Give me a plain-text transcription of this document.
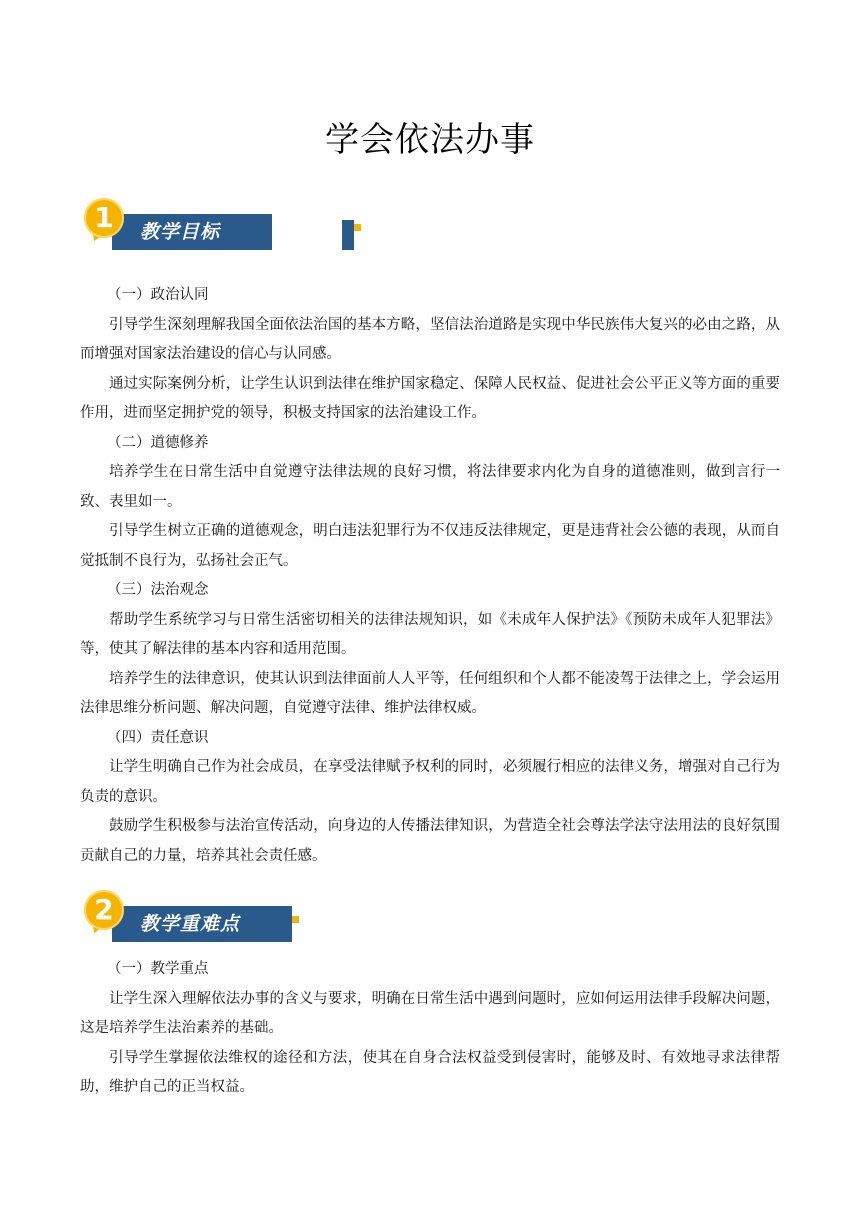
学会依法办事
教学目标
1

（一）政治认同

引导学生深刻理解我国全面依法治国的基本方略，坚信法治道路是实现中华民族伟大复兴的必由之路，从而增强对国家法治建设的信心与认同感。

通过实际案例分析，让学生认识到法律在维护国家稳定、保障人民权益、促进社会公平正义等方面的重要作用，进而坚定拥护党的领导，积极支持国家的法治建设工作。

（二）道德修养

培养学生在日常生活中自觉遵守法律法规的良好习惯，将法律要求内化为自身的道德准则，做到言行一致、表里如一。

引导学生树立正确的道德观念，明白违法犯罪行为不仅违反法律规定，更是违背社会公德的表现，从而自觉抵制不良行为，弘扬社会正气。

（三）法治观念

帮助学生系统学习与日常生活密切相关的法律法规知识，如《未成年人保护法》《预防未成年人犯罪法》等，使其了解法律的基本内容和适用范围。

培养学生的法律意识，使其认识到法律面前人人平等，任何组织和个人都不能凌驾于法律之上，学会运用法律思维分析问题、解决问题，自觉遵守法律、维护法律权威。

（四）责任意识

让学生明确自己作为社会成员，在享受法律赋予权利的同时，必须履行相应的法律义务，增强对自己行为负责的意识。

鼓励学生积极参与法治宣传活动，向身边的人传播法律知识，为营造全社会尊法学法守法用法的良好氛围贡献自己的力量，培养其社会责任感。

教学重难点
2

（一）教学重点

让学生深入理解依法办事的含义与要求，明确在日常生活中遇到问题时，应如何运用法律手段解决问题，这是培养学生法治素养的基础。

引导学生掌握依法维权的途径和方法，使其在自身合法权益受到侵害时，能够及时、有效地寻求法律帮助，维护自己的正当权益。
